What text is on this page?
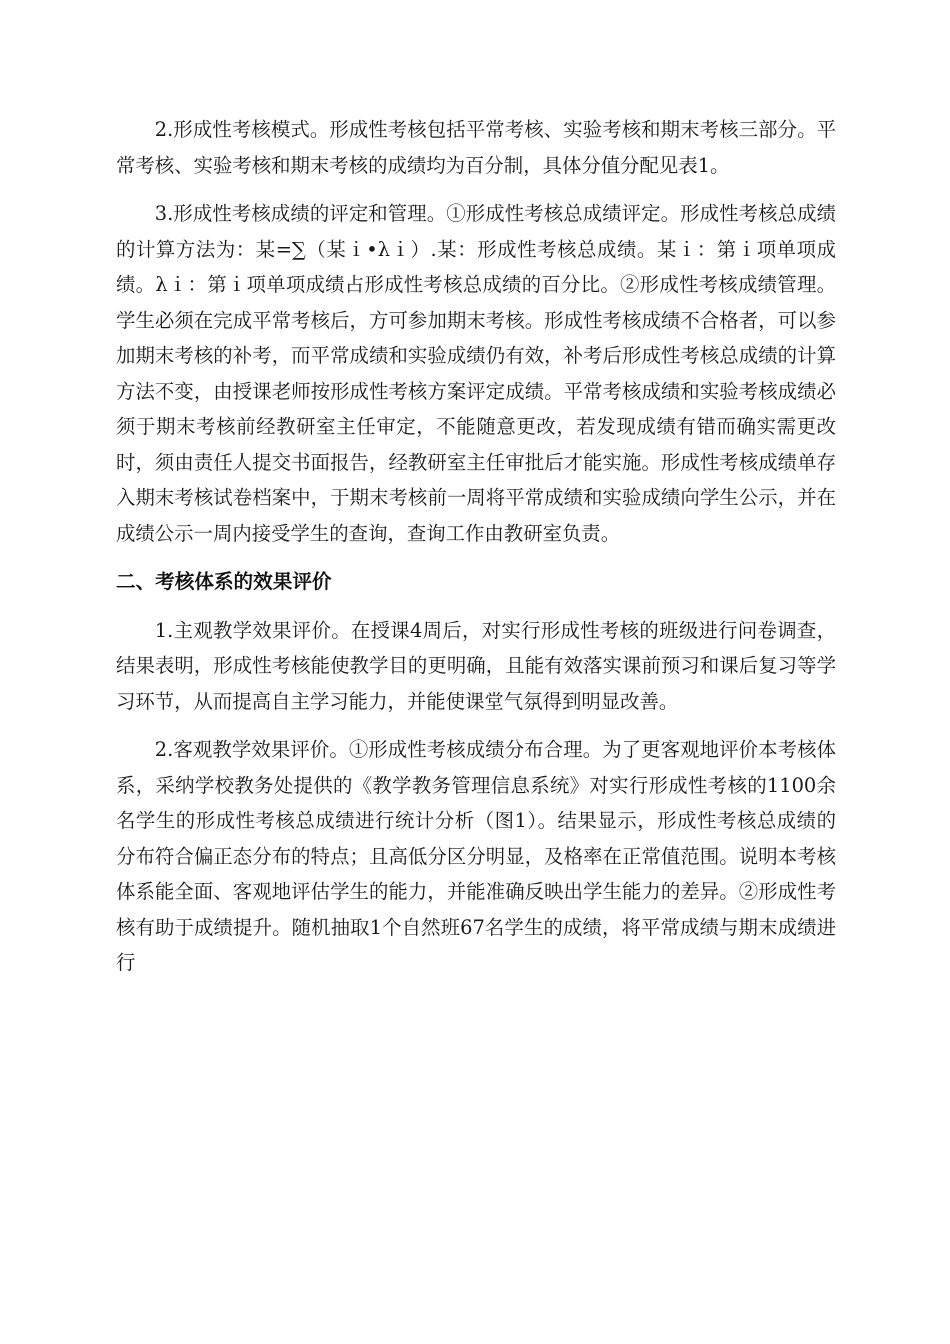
2.形成性考核模式。形成性考核包括平常考核、实验考核和期末考核三部分。平常考核、实验考核和期末考核的成绩均为百分制，具体分值分配见表1。

3.形成性考核成绩的评定和管理。①形成性考核总成绩评定。形成性考核总成绩的计算方法为：某=∑（某ｉ•λｉ）.某：形成性考核总成绩。某ｉ：第ｉ项单项成绩。λｉ：第ｉ项单项成绩占形成性考核总成绩的百分比。②形成性考核成绩管理。学生必须在完成平常考核后，方可参加期末考核。形成性考核成绩不合格者，可以参加期末考核的补考，而平常成绩和实验成绩仍有效，补考后形成性考核总成绩的计算方法不变，由授课老师按形成性考核方案评定成绩。平常考核成绩和实验考核成绩必须于期末考核前经教研室主任审定，不能随意更改，若发现成绩有错而确实需更改时，须由责任人提交书面报告，经教研室主任审批后才能实施。形成性考核成绩单存入期末考核试卷档案中，于期末考核前一周将平常成绩和实验成绩向学生公示，并在成绩公示一周内接受学生的查询，查询工作由教研室负责。

二、考核体系的效果评价

1.主观教学效果评价。在授课4周后，对实行形成性考核的班级进行问卷调查，结果表明，形成性考核能使教学目的更明确，且能有效落实课前预习和课后复习等学习环节，从而提高自主学习能力，并能使课堂气氛得到明显改善。

2.客观教学效果评价。①形成性考核成绩分布合理。为了更客观地评价本考核体系，采纳学校教务处提供的《教学教务管理信息系统》对实行形成性考核的1100余名学生的形成性考核总成绩进行统计分析（图1）。结果显示，形成性考核总成绩的分布符合偏正态分布的特点；且高低分区分明显，及格率在正常值范围。说明本考核体系能全面、客观地评估学生的能力，并能准确反映出学生能力的差异。②形成性考核有助于成绩提升。随机抽取1个自然班67名学生的成绩，将平常成绩与期末成绩进行
